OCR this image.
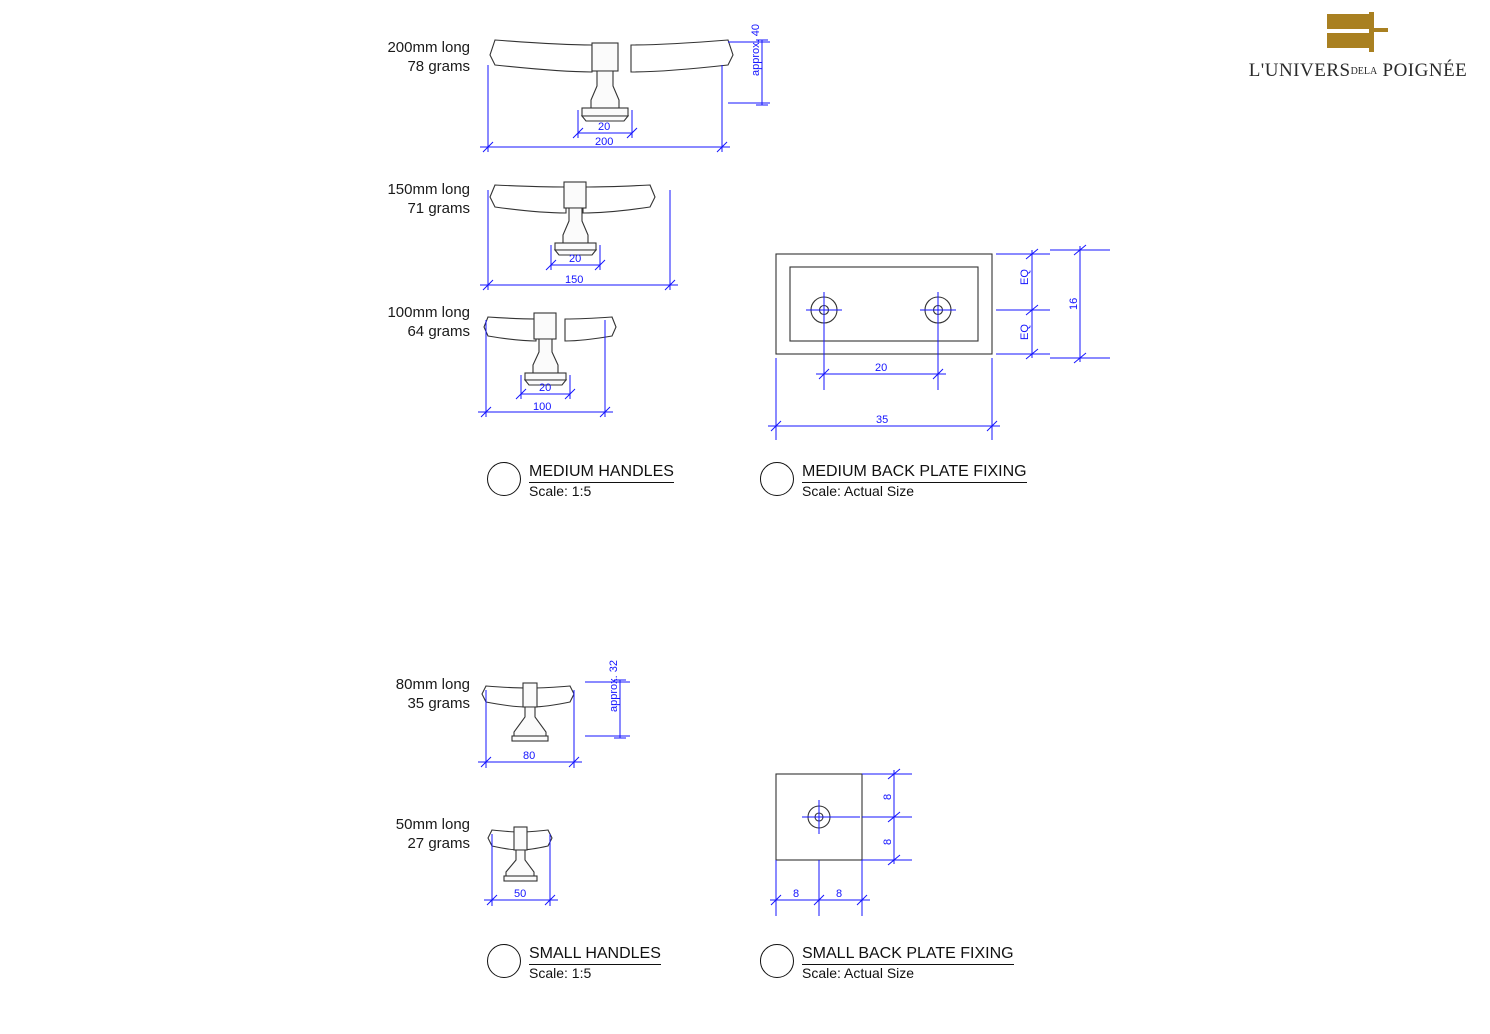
L'UNIVERSDELA POIGNÉE
200mm long
78 grams	approx. 40
20
200
150mm long
71 grams
20
150
100mm long
64 grams
20
100
MEDIUM HANDLES
Scale: 1:5
EQ
EQ
16
20
35
MEDIUM BACK PLATE FIXING
Scale: Actual Size
80mm long
35 grams	approx. 32
80
50mm long
27 grams
50
SMALL HANDLES
Scale: 1:5
8
8
8	8
SMALL BACK PLATE FIXING
Scale: Actual Size
